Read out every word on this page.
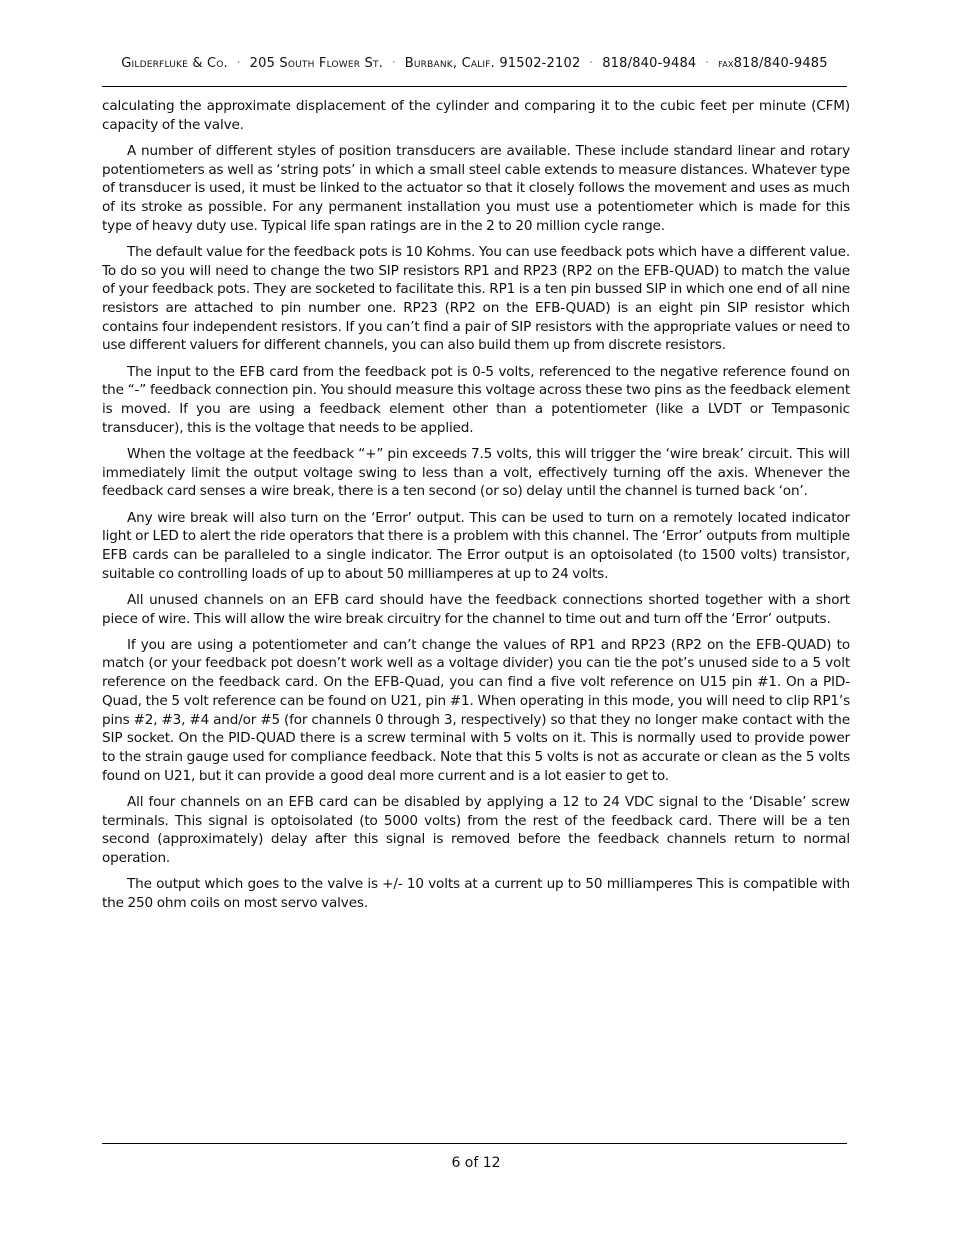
Gilderfluke & Co. · 205 South Flower St. · Burbank, Calif. 91502-2102 · 818/840-9484 · fax818/840-9485

calculating the approximate displacement of the cylinder and comparing it to the cubic feet per minute (CFM) capacity of the valve.

A number of different styles of position transducers are available. These include standard linear and rotary potentiometers as well as ‘string pots’ in which a small steel cable extends to measure distances. Whatever type of transducer is used, it must be linked to the actuator so that it closely follows the movement and uses as much of its stroke as possible. For any permanent installation you must use a potentiometer which is made for this type of heavy duty use. Typical life span ratings are in the 2 to 20 million cycle range.

The default value for the feedback pots is 10 Kohms. You can use feedback pots which have a different value. To do so you will need to change the two SIP resistors RP1 and RP23 (RP2 on the EFB-QUAD) to match the value of your feedback pots. They are socketed to facilitate this. RP1 is a ten pin bussed SIP in which one end of all nine resistors are attached to pin number one. RP23 (RP2 on the EFB-QUAD) is an eight pin SIP resistor which contains four independent resistors. If you can’t find a pair of SIP resistors with the appropriate values or need to use different valuers for different channels, you can also build them up from discrete resistors.

The input to the EFB card from the feedback pot is 0-5 volts, referenced to the negative reference found on the “-” feedback connection pin. You should measure this voltage across these two pins as the feedback element is moved. If you are using a feedback element other than a potentiometer (like a LVDT or Tempasonic transducer), this is the voltage that needs to be applied.

When the voltage at the feedback “+” pin exceeds 7.5 volts, this will trigger the ‘wire break’ circuit. This will immediately limit the output voltage swing to less than a volt, effectively turning off the axis. Whenever the feedback card senses a wire break, there is a ten second (or so) delay until the channel is turned back ‘on’.

Any wire break will also turn on the ‘Error’ output. This can be used to turn on a remotely located indicator light or LED to alert the ride operators that there is a problem with this channel. The ‘Error’ outputs from multiple EFB cards can be paralleled to a single indicator. The Error output is an optoisolated (to 1500 volts) transistor, suitable co controlling loads of up to about 50 milliamperes at up to 24 volts.

All unused channels on an EFB card should have the feedback connections shorted together with a short piece of wire. This will allow the wire break circuitry for the channel to time out and turn off the ‘Error’ outputs.

If you are using a potentiometer and can’t change the values of RP1 and RP23 (RP2 on the EFB-QUAD) to match (or your feedback pot doesn’t work well as a voltage divider) you can tie the pot’s unused side to a 5 volt reference on the feedback card. On the EFB-Quad, you can find a five volt reference on U15 pin #1. On a PID-Quad, the 5 volt reference can be found on U21, pin #1. When operating in this mode, you will need to clip RP1’s pins #2, #3, #4 and/or #5 (for channels 0 through 3, respectively) so that they no longer make contact with the SIP socket. On the PID-QUAD there is a screw terminal with 5 volts on it. This is normally used to provide power to the strain gauge used for compliance feedback. Note that this 5 volts is not as accurate or clean as the 5 volts found on U21, but it can provide a good deal more current and is a lot easier to get to.

All four channels on an EFB card can be disabled by applying a 12 to 24 VDC signal to the ‘Disable’ screw terminals. This signal is optoisolated (to 5000 volts) from the rest of the feedback card. There will be a ten second (approximately) delay after this signal is removed before the feedback channels return to normal operation.

The output which goes to the valve is +/- 10 volts at a current up to 50 milliamperes This is compatible with the 250 ohm coils on most servo valves.

6 of 12
